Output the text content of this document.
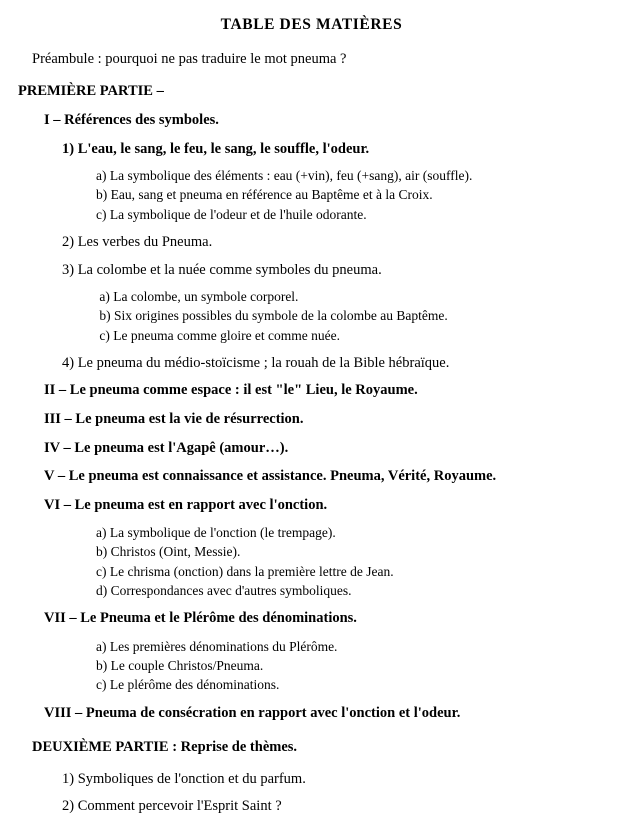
TABLE DES MATIÈRES
Préambule : pourquoi ne pas traduire le mot pneuma ?
PREMIÈRE PARTIE –
I – Références des symboles.
1) L'eau, le sang, le feu, le sang, le souffle, l'odeur.
a) La symbolique des éléments : eau (+vin), feu (+sang), air (souffle).
b) Eau, sang et pneuma en référence au Baptême et à la Croix.
c) La symbolique de l'odeur et de l'huile odorante.
2) Les verbes du Pneuma.
3) La colombe et la nuée comme symboles du pneuma.
a) La colombe, un symbole corporel.
b) Six origines possibles du symbole de la colombe au Baptême.
c) Le pneuma comme gloire et comme nuée.
4) Le pneuma du médio-stoïcisme ; la rouah de la Bible hébraïque.
II – Le pneuma comme espace : il est "le" Lieu, le Royaume.
III – Le pneuma est la vie de résurrection.
IV – Le pneuma est l'Agapê (amour…).
V – Le pneuma est connaissance et assistance. Pneuma, Vérité, Royaume.
VI – Le pneuma est en rapport avec l'onction.
a) La symbolique de l'onction (le trempage).
b) Christos (Oint, Messie).
c) Le chrisma (onction) dans la première lettre de Jean.
d) Correspondances avec d'autres symboliques.
VII – Le Pneuma et le Plérôme des dénominations.
a) Les premières dénominations du Plérôme.
b) Le couple Christos/Pneuma.
c) Le plérôme des dénominations.
VIII – Pneuma de consécration en rapport avec l'onction et l'odeur.
DEUXIÈME PARTIE : Reprise de thèmes.
1) Symboliques de l'onction et du parfum.
2) Comment percevoir l'Esprit Saint ?
